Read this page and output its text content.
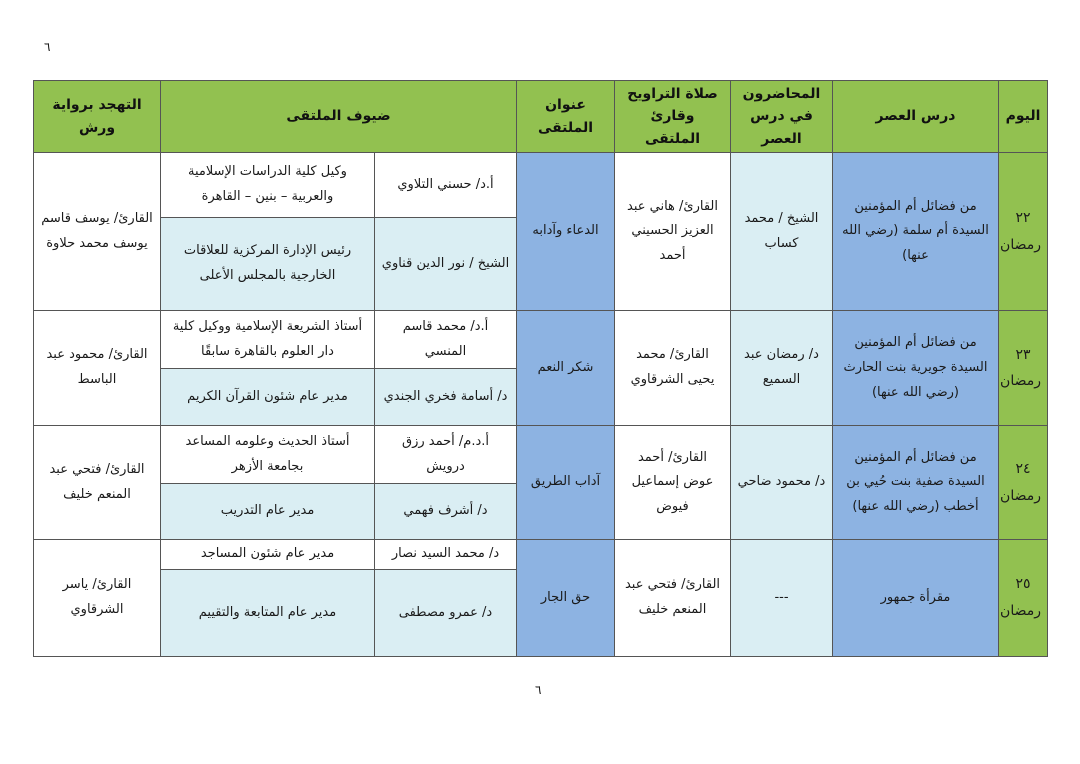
٦
اليوم	درس العصر	المحاضرون في درس العصر	صلاة التراويح وقارئ الملتقى	عنوان الملتقى	ضيوف الملتقى		التهجد برواية ورش
٢٢ رمضان	من فضائل أم المؤمنين السيدة أم سلمة (رضي الله عنها)	الشيخ / محمد كساب	القارئ/ هاني عبد العزيز الحسيني أحمد	الدعاء وآدابه	أ.د/ حسني التلاوي	وكيل كلية الدراسات الإسلامية والعربية – بنين – القاهرة	القارئ/ يوسف قاسم يوسف محمد حلاوة
					الشيخ / نور الدين قناوي	رئيس الإدارة المركزية للعلاقات الخارجية بالمجلس الأعلى	
٢٣ رمضان	من فضائل أم المؤمنين السيدة جويرية بنت الحارث (رضي الله عنها)	د/ رمضان عبد السميع	القارئ/ محمد يحيى الشرقاوي	شكر النعم	أ.د/ محمد قاسم المنسي	أستاذ الشريعة الإسلامية ووكيل كلية دار العلوم بالقاهرة سابقًا	القارئ/ محمود عبد الباسط
					د/ أسامة فخري الجندي	مدير عام شئون القرآن الكريم	
٢٤ رمضان	من فضائل أم المؤمنين السيدة صفية بنت حُيي بن أخطب (رضي الله عنها)	د/ محمود ضاحي	القارئ/ أحمد عوض إسماعيل فيوض	آداب الطريق	أ.د.م/ أحمد رزق درويش	أستاذ الحديث وعلومه المساعد بجامعة الأزهر	القارئ/ فتحي عبد المنعم خليف
					د/ أشرف فهمي	مدير عام التدريب	
٢٥ رمضان	مقرأة جمهور	---	القارئ/ فتحي عبد المنعم خليف	حق الجار	د/ محمد السيد نصار	مدير عام شئون المساجد	القارئ/ ياسر الشرقاوي
					د/ عمرو مصطفى	مدير عام المتابعة والتقييم	
٦
